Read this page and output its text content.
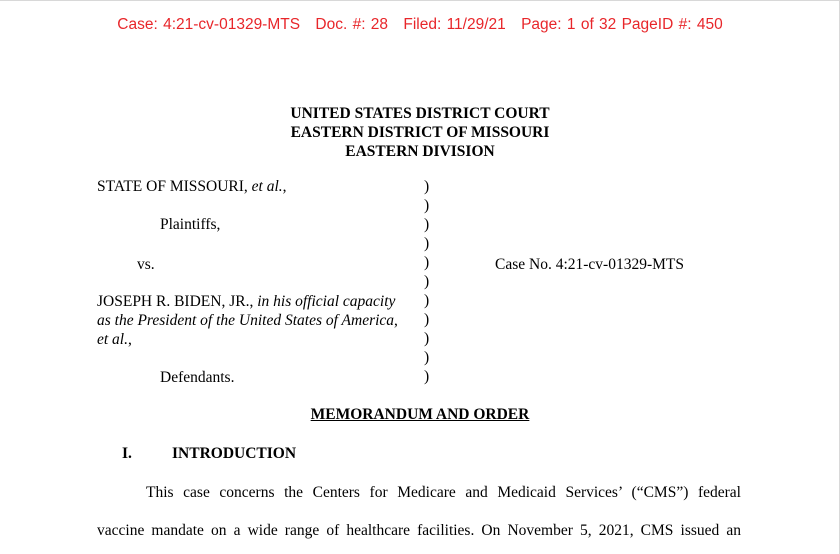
Case: 4:21-cv-01329-MTS Doc. #: 28 Filed: 11/29/21 Page: 1 of 32 PageID #: 450
UNITED STATES DISTRICT COURT
EASTERN DISTRICT OF MISSOURI
EASTERN DIVISION
STATE OF MISSOURI, et al.,
Plaintiffs,
vs.	Case No. 4:21-cv-01329-MTS
JOSEPH R. BIDEN, JR., in his official capacity
as the President of the United States of America,
et al.,
Defendants.
)
)
)
)
)
)
)
)
)
)
)
MEMORANDUM AND ORDER
I.	INTRODUCTION
This case concerns the Centers for Medicare and Medicaid Services’ (“CMS”) federal
vaccine mandate on a wide range of healthcare facilities. On November 5, 2021, CMS issued an
